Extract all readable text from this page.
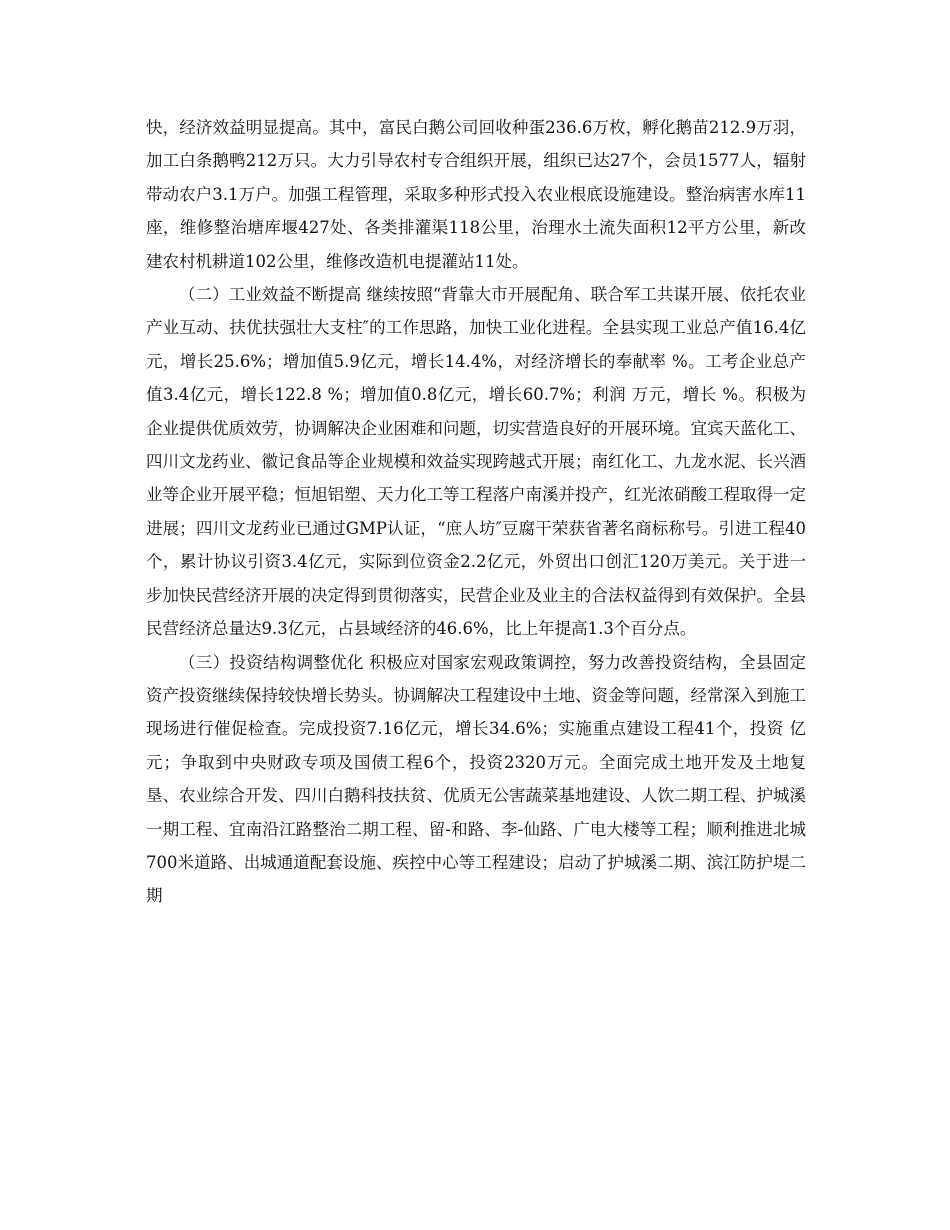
快，经济效益明显提高。其中，富民白鹅公司回收种蛋236.6万枚，孵化鹅苗212.9万羽，加工白条鹅鸭212万只。大力引导农村专合组织开展，组织已达27个，会员1577人，辐射带动农户3.1万户。加强工程管理，采取多种形式投入农业根底设施建设。整治病害水库11座，维修整治塘库堰427处、各类排灌渠118公里，治理水土流失面积12平方公里，新改建农村机耕道102公里，维修改造机电提灌站11处。

（二）工业效益不断提高 继续按照“背靠大市开展配角、联合军工共谋开展、依托农业产业互动、扶优扶强壮大支柱″的工作思路，加快工业化进程。全县实现工业总产值16.4亿元，增长25.6%；增加值5.9亿元，增长14.4%，对经济增长的奉献率 %。工考企业总产值3.4亿元，增长122.8 %；增加值0.8亿元，增长60.7%；利润 万元，增长 %。积极为企业提供优质效劳，协调解决企业困难和问题，切实营造良好的开展环境。宜宾天蓝化工、四川文龙药业、徽记食品等企业规模和效益实现跨越式开展；南红化工、九龙水泥、长兴酒业等企业开展平稳；恒旭铝塑、天力化工等工程落户南溪并投产，红光浓硝酸工程取得一定进展；四川文龙药业已通过GMP认证，“庶人坊″豆腐干荣获省著名商标称号。引进工程40个，累计协议引资3.4亿元，实际到位资金2.2亿元，外贸出口创汇120万美元。关于进一步加快民营经济开展的决定得到贯彻落实，民营企业及业主的合法权益得到有效保护。全县民营经济总量达9.3亿元，占县域经济的46.6%，比上年提高1.3个百分点。

（三）投资结构调整优化 积极应对国家宏观政策调控，努力改善投资结构，全县固定资产投资继续保持较快增长势头。协调解决工程建设中土地、资金等问题，经常深入到施工现场进行催促检查。完成投资7.16亿元，增长34.6%；实施重点建设工程41个，投资 亿元；争取到中央财政专项及国债工程6个，投资2320万元。全面完成土地开发及土地复垦、农业综合开发、四川白鹅科技扶贫、优质无公害蔬菜基地建设、人饮二期工程、护城溪一期工程、宜南沿江路整治二期工程、留-和路、李-仙路、广电大楼等工程；顺利推进北城700米道路、出城通道配套设施、疾控中心等工程建设；启动了护城溪二期、滨江防护堤二期
